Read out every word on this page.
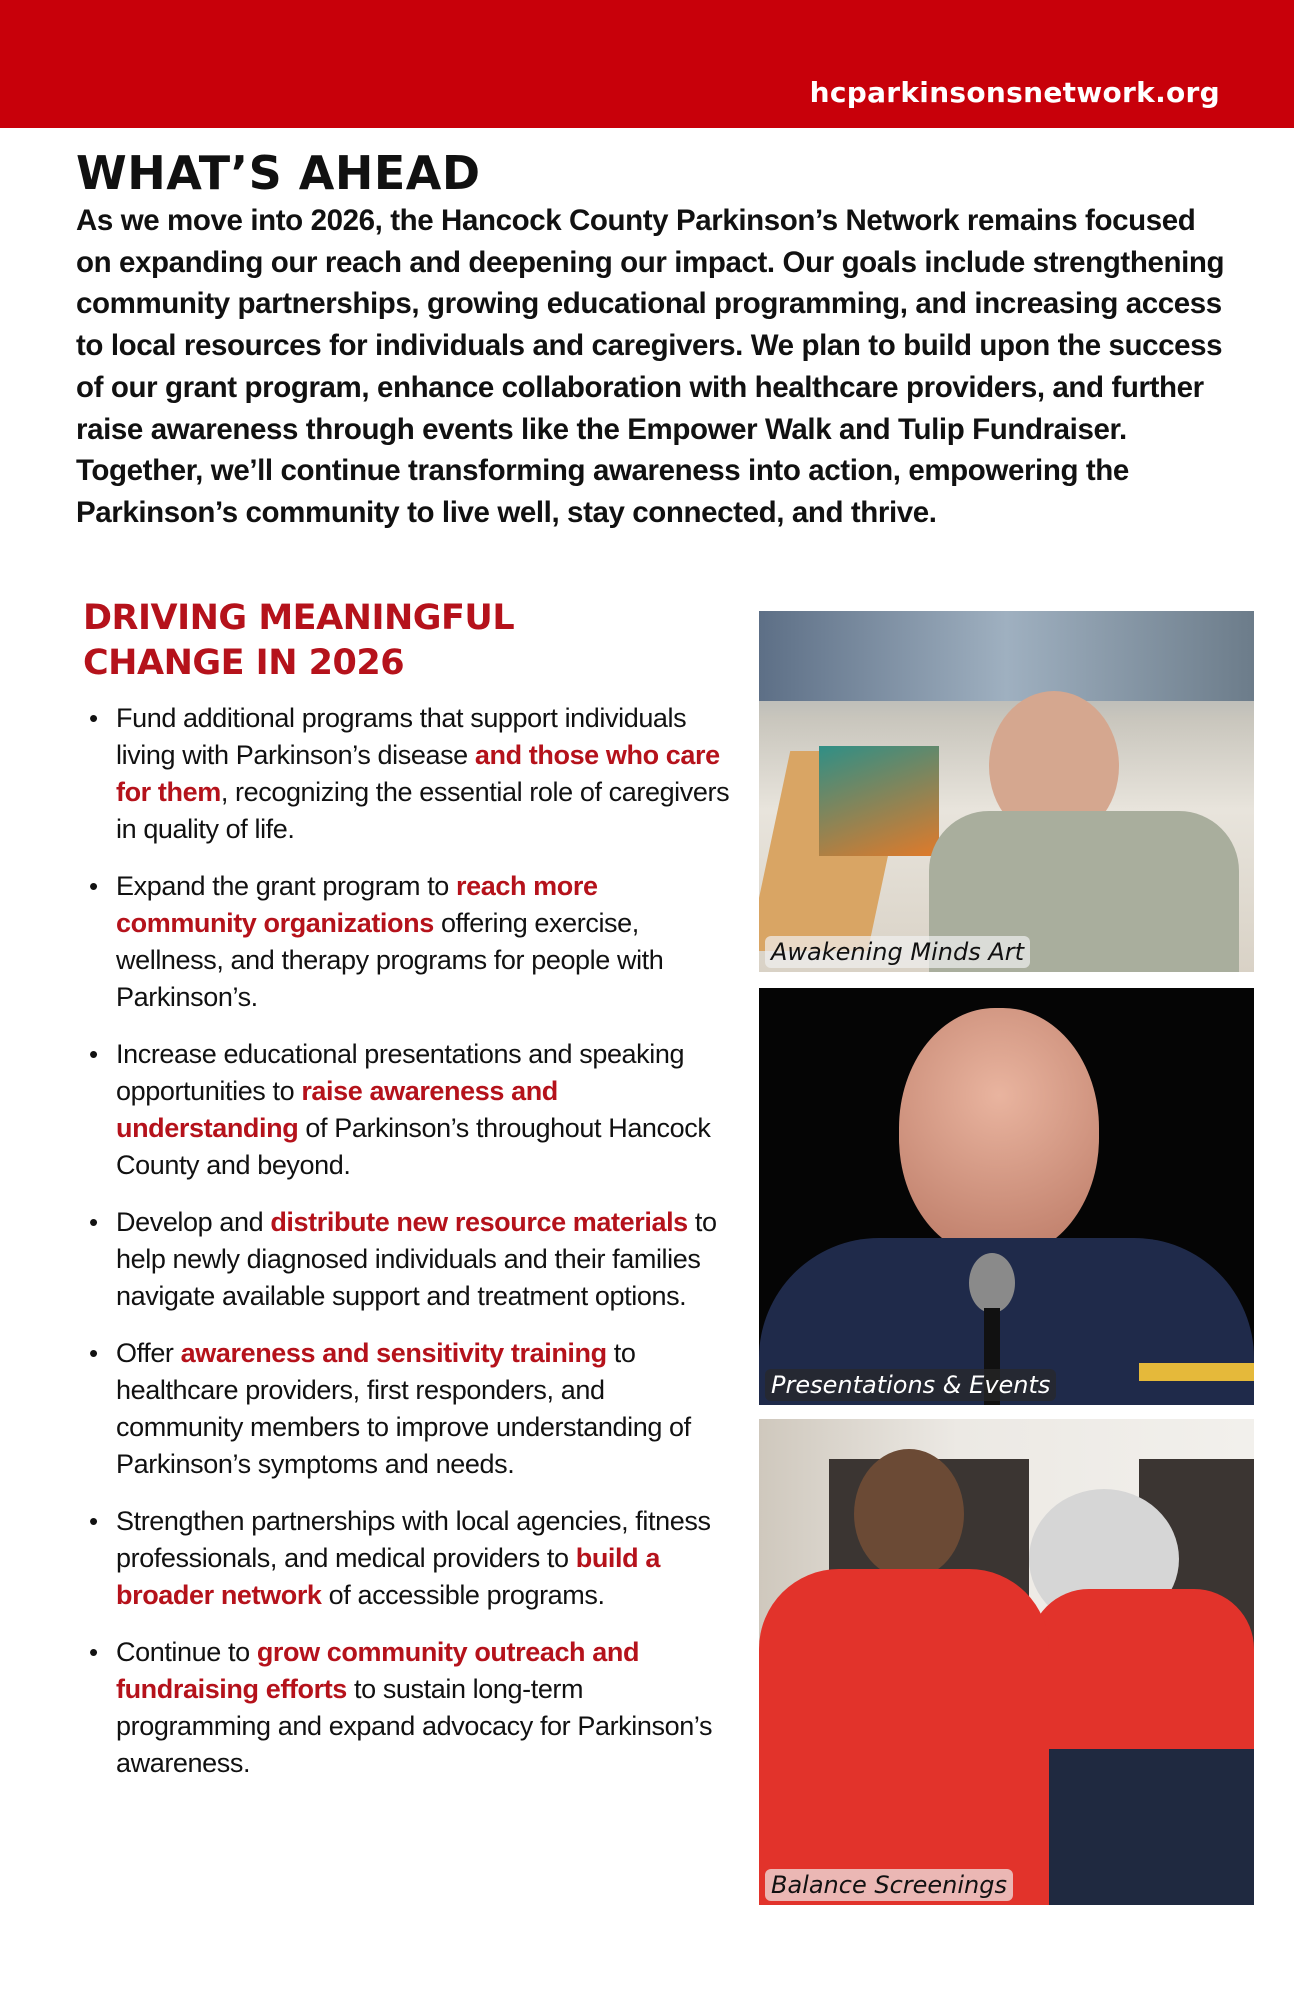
hcparkinsonsnetwork.org
WHAT’S AHEAD

As we move into 2026, the Hancock County Parkinson’s Network remains focused on expanding our reach and deepening our impact. Our goals include strengthening community partnerships, growing educational programming, and increasing access to local resources for individuals and caregivers. We plan to build upon the success of our grant program, enhance collaboration with healthcare providers, and further raise awareness through events like the Empower Walk and Tulip Fundraiser. Together, we’ll continue transforming awareness into action, empowering the Parkinson’s community to live well, stay connected, and thrive.

DRIVING MEANINGFUL
CHANGE IN 2026
• Fund additional programs that support individuals living with Parkinson’s disease and those who care for them, recognizing the essential role of caregivers in quality of life.
• Expand the grant program to reach more community organizations offering exercise, wellness, and therapy programs for people with Parkinson’s.
• Increase educational presentations and speaking opportunities to raise awareness and understanding of Parkinson’s throughout Hancock County and beyond.
• Develop and distribute new resource materials to help newly diagnosed individuals and their families navigate available support and treatment options.
• Offer awareness and sensitivity training to healthcare providers, first responders, and community members to improve understanding of Parkinson’s symptoms and needs.
• Strengthen partnerships with local agencies, fitness professionals, and medical providers to build a broader network of accessible programs.
• Continue to grow community outreach and fundraising efforts to sustain long-term programming and expand advocacy for Parkinson’s awareness.
Awakening Minds Art
Presentations & Events
Balance Screenings
